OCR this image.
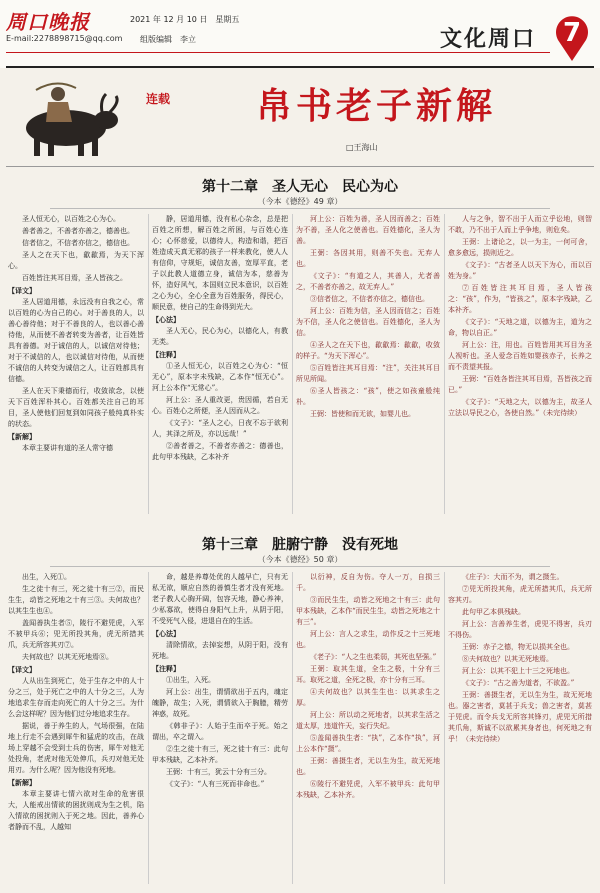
周口晚报
E-mail:2278898715@qq.com
2021 年 12 月 10 日　星期五
组版编辑　李立	文化周口	7
连载 帛书老子新解
□王海山
第十二章　圣人无心　民心为心
（今本《德经》49 章）

圣人恒无心，以百姓之心为心。

善者善之，不善者亦善之，德善也。

信者信之，不信者亦信之，德信也。

圣人之在天下也，歙歙焉，为天下浑心。

百姓皆注其耳目焉，圣人皆孩之。

【译文】

圣人居道用德，永远没有自我之心，常以百姓的心为自己的心。对于善良的人，以善心善待他；对于不善良的人，也以善心善待他，从而使不善者转变为善者，让百姓皆具有善德。对于诚信的人，以诚信对待他；对于不诚信的人，也以诚信对待他，从而使不诚信的人转变为诚信之人，让百姓都具有信德。

圣人在天下秉德而行，收敛欲念，以使天下百姓浑朴其心。百姓都关注自己的耳目，圣人使他们回复到如同孩子般纯真朴实的状态。

【新解】

本章主要讲有道的圣人常守德

静，居道用德，没有私心杂念，总是把百姓之所想，解百姓之所困，与百姓心连心；心怀慈爱，以德待人，构造和谐，把百姓造成天真无邪的孩子一样来教化，使人人有信仰，守规矩，诚信友善，宽厚平直，老子以此教人道德立身，诚信为本，慈善为怀，造好风气，本国则立民本意识，以百姓之心为心，全心全意为百姓服务，得民心，顺民意，使自己的生命得到光大。

【心法】

圣人无心，民心为心，以德化人，有教无类。

【注释】

①圣人恒无心，以百姓之心为心：“恒无心”，原本字未残缺，乙本作“恒无心”。河上公本作“无常心”。

河上公：圣人重改更，贵因循，若自无心。百姓心之所便，圣人因而从之。

《文子》：“圣人之心，日夜不忘于欲利人，其泽之所及，亦以远哉！”

②善者善之，不善者亦善之：德善也，此句甲本残缺，乙本补齐

河上公：百姓为善，圣人因而善之；百姓为不善，圣人化之使善也。百姓德化，圣人为善。

王弼：各因其用，则善不失也。无弃人也。

《文子》：“有道之人，其善人，尤者善之，不善者亦善之，故无弃人。”

③信者信之，不信者亦信之，德信也。

河上公：百姓为信，圣人因而信之；百姓为不信，圣人化之使信也。百姓德化，圣人为信。

④圣人之在天下也，歙歙焉：歙歙，收敛的样子。“为天下浑心”。

⑤百姓皆注其耳目焉：“注”，关注其耳目所见所闻。

⑥圣人皆孩之：“孩”，使之如孩童般纯朴。

王弼：皆使和而无欲，如婴儿也。

人与之争，智不出于人而立乎讼地，则智不敢，乃不出于人而上乎争地，则危矣。

王弼：上诸论之，以一为主，一何可舍，愈多愈远，损则近之。

《文子》：“古者圣人以天下为心，而以百姓为身。”

⑦百姓皆注其耳目焉，圣人皆孩之：“孩”，作为，“皆孩之”，原本字残缺，乙本补齐。

《文子》：“天地之道，以德为主，道为之命，物以自正。”

河上公：注，用也。百姓皆用其耳目为圣人视听也。圣人爱念百姓如婴孩赤子，长养之而不责望其报。

王弼：“百姓各皆注其耳目焉，吾皆孩之而已。”

《文子》：“天地之大，以德为主，故圣人立法以导民之心，各使自然。”（未完待续）

第十三章　脏腑宁静　没有死地
（今本《德经》50 章）

出生，入死①。

生之徒十有三，死之徒十有三②，而民生生，动皆之死地之十有三③。夫何故也？以其生生也④。

盖闻善执生者⑤，陵行不避兕虎，入军不被甲兵⑥；兕无所投其角，虎无所措其爪，兵无所容其刃⑦。

夫何故也？以其无死地焉⑧。

【译文】

人从出生到死亡，处于生存之中的人十分之三，处于死亡之中的人十分之三，人为地追求生存而走向死亡的人十分之三。为什么会这样呢？因为他们过分地追求生存。

据说，善于养生的人，气场很强，在陆地上行走不会遇到犀牛和猛虎的攻击，在战场上穿越不会受到士兵的伤害，犀牛对他无处投角，老虎对他无处伸爪，兵刃对他无处用刃。为什么呢？因为他没有死地。

【新解】

本章主要讲七情六欲对生命的危害很大，人能戒出情欲的困扰则成为生之机，陷入情欲的困扰则入于死之地。因此，善养心者静而不乱，人越知

命，越是养尊处优的人越早亡，只有无私无欲，顺应自然的善慎生者才没有死地。老子教人心胸开阔，包容天地，静心养神，少私寡欲，使得自身阳气上升，从阴于阳，不受死气入侵，进退自在的生活。

【心法】

清除情欲，去掉妄想，从阴于阳，没有死地。

【注释】

①出生，入死。

河上公：出生，谓情欲出于五内，魂定魄静，故生；入死，谓情欲入于胸臆，精劳神惑，故死。

《韩非子》：人始于生而卒于死。始之谓出，卒之谓入。

②生之徒十有三，死之徒十有三：此句甲本残缺，乙本补齐。

王弼：十有三，犹云十分有三分。

《文子》：“人有三死而非命也。”

以衍神，反自为伤。夺人一万，自损三千。

③而民生生，动皆之死地之十有三：此句甲本残缺，乙本作“而民生生，动皆之死地之十有三”。

河上公：言人之求生，动作反之十三死地也。

《老子》：“人之生也柔弱，其死也坚强。”

王弼：取其生道，全生之极，十分有三耳。取死之道，全死之极，亦十分有三耳。

④夫何故也？以其生生也：以其求生之厚。

河上公：所以动之死地者，以其求生活之道太厚，违道忤天，妄行失纪。

⑤盖闻善执生者：“执”，乙本作“执”，河上公本作“摄”。

王弼：善摄生者，无以生为生，故无死地也。

⑥陵行不避兕虎，入军不被甲兵：此句甲本残缺，乙本补齐。

《庄子》：大而不为，谓之摄生。

⑦兕无所投其角，虎无所措其爪，兵无所容其刃。

此句甲乙本俱残缺。

河上公：言善养生者，虎兕不得害，兵刃不得伤。

王弼：赤子之德，物无以损其全也。

⑧夫何故也？以其无死地焉。

河上公：以其不犯上十三之死地也。

《文子》：“古之善为道者，不欲盈。”

王弼：善摄生者，无以生为生，故无死地也。器之害者，莫甚于兵戈；兽之害者，莫甚于兕虎。而令兵戈无所容其锋刃，虎兕无所措其爪角，斯诚不以欲累其身者也，何死地之有乎！（未完待续）
